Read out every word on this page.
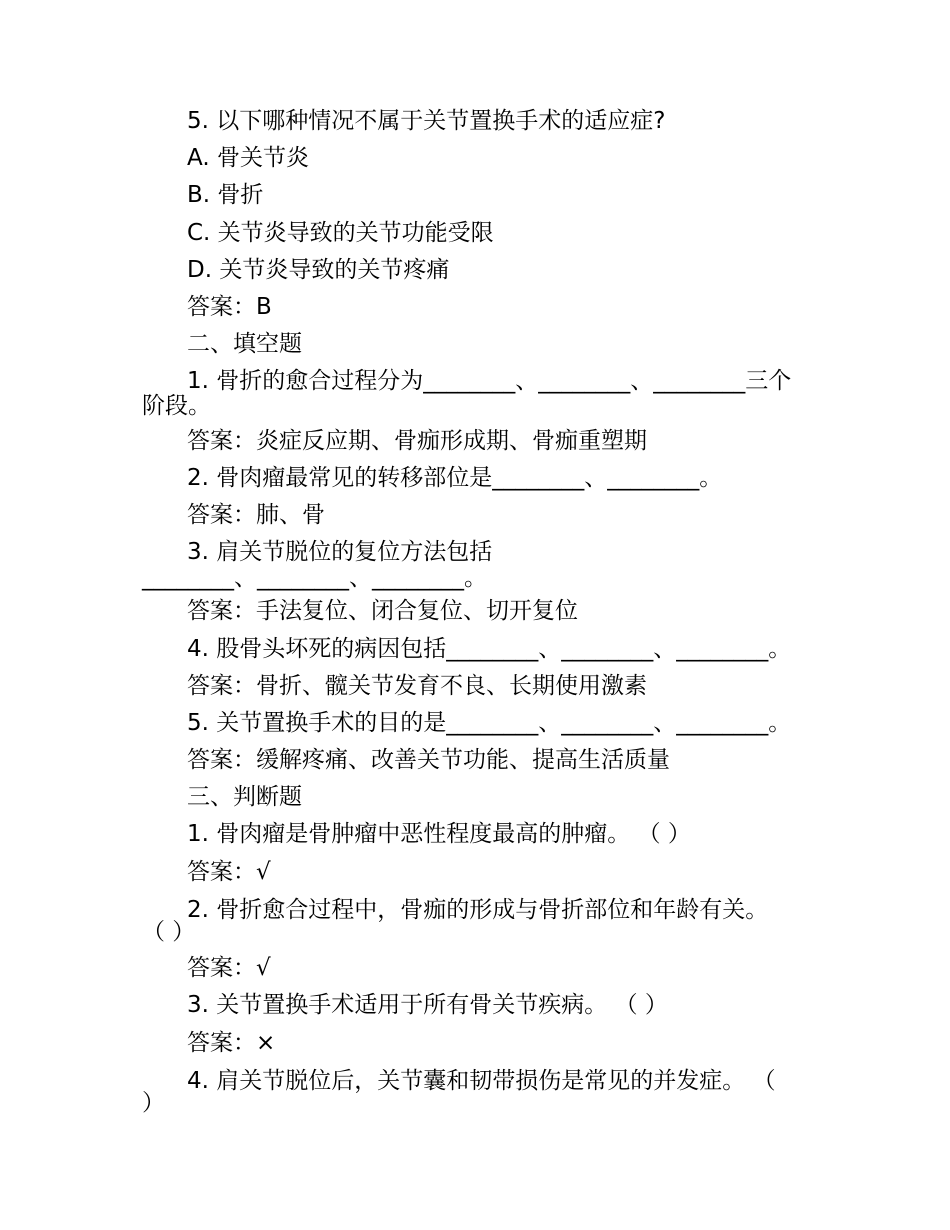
5. 以下哪种情况不属于关节置换手术的适应症?
A. 骨关节炎
B. 骨折
C. 关节炎导致的关节功能受限
D. 关节炎导致的关节疼痛
答案：B
二、填空题
1. 骨折的愈合过程分为________、________、________三个
阶段。
答案：炎症反应期、骨痂形成期、骨痂重塑期
2. 骨肉瘤最常见的转移部位是________、________。
答案：肺、骨
3. 肩关节脱位的复位方法包括
________、________、________。
答案：手法复位、闭合复位、切开复位
4. 股骨头坏死的病因包括________、________、________。
答案：骨折、髋关节发育不良、长期使用激素
5. 关节置换手术的目的是________、________、________。
答案：缓解疼痛、改善关节功能、提高生活质量
三、判断题
1. 骨肉瘤是骨肿瘤中恶性程度最高的肿瘤。 （ ）
答案：√
2. 骨折愈合过程中，骨痂的形成与骨折部位和年龄有关。
（ ）
答案：√
3. 关节置换手术适用于所有骨关节疾病。 （ ）
答案：×
4. 肩关节脱位后，关节囊和韧带损伤是常见的并发症。 （
）
